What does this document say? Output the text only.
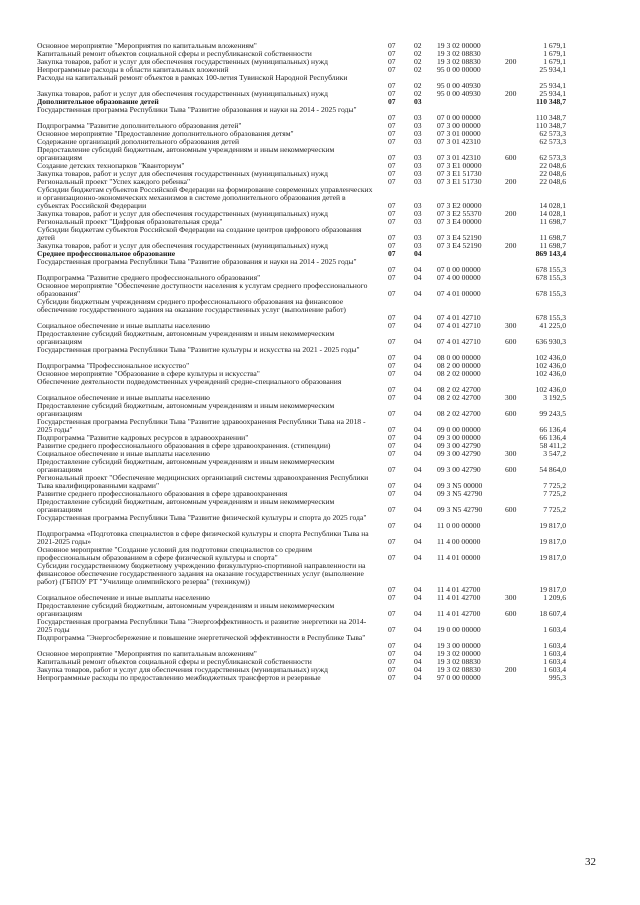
Основное мероприятие "Мероприятия по капитальным вложениям"	07 02 19 3 02 00000	1 679,1
Капитальный ремонт объектов социальной сферы и республиканской собственности	07 02 19 3 02 08830	1 679,1
Закупка товаров, работ и услуг для обеспечения государственных (муниципальных) нужд	07 02 19 3 02 08830	200	1 679,1
Непрограммные расходы в области капитальных вложений	07 02 95 0 00 00000	25 934,1
Расходы на капитальный ремонт объектов в рамках 100-летия Тувинской Народной Республики
07 02 95 0 00 40930	25 934,1
Закупка товаров, работ и услуг для обеспечения государственных (муниципальных) нужд	07 02 95 0 00 40930	200	25 934,1
Дополнительное образование детей	07 03	110 348,7
Государственная программа Республики Тыва "Развитие образования и науки на 2014 - 2025 годы"
07 03 07 0 00 00000	110 348,7
Подпрограмма "Развитие дополнительного образования детей"	07 03 07 3 00 00000	110 348,7
Основное мероприятие "Предоставление дополнительного образования детям"	07 03 07 3 01 00000	62 573,3
Содержание организаций дополнительного образования детей	07 03 07 3 01 42310	62 573,3
Предоставление субсидий бюджетным, автономным учреждениям и иным некоммерческим организациям	07 03 07 3 01 42310	600	62 573,3
Создание детских технопарков "Кванториум"	07 03 07 3 E1 00000	22 048,6
Закупка товаров, работ и услуг для обеспечения государственных (муниципальных) нужд	07 03 07 3 E1 51730	22 048,6
Региональный проект "Успех каждого ребенка"	07 03 07 3 E1 51730	200	22 048,6
Субсидии бюджетам субъектов Российской Федерации на формирование современных управленческих и организационно-экономических механизмов в системе дополнительного образования детей в субъектах Российской Федерации	07 03 07 3 E2 00000	14 028,1
Закупка товаров, работ и услуг для обеспечения государственных (муниципальных) нужд	07 03 07 3 E2 55370	200	14 028,1
Региональный проект "Цифровая образовательная среда"	07 03 07 3 E4 00000	11 698,7
Субсидии бюджетам субъектов Российской Федерации на создание центров цифрового образования детей	07 03 07 3 E4 52190	11 698,7
Закупка товаров, работ и услуг для обеспечения государственных (муниципальных) нужд	07 03 07 3 E4 52190	200	11 698,7
Среднее профессиональное образование	07 04	869 143,4
Государственная программа Республики Тыва "Развитие образования и науки на 2014 - 2025 годы"
07 04 07 0 00 00000	678 155,3
Подпрограмма "Развитие среднего профессионального образования"	07 04 07 4 00 00000	678 155,3
Основное мероприятие "Обеспечение доступности населения к услугам среднего профессионального образования"	07 04 07 4 01 00000	678 155,3
Субсидии бюджетным учреждениям среднего профессионального образования на финансовое обеспечение государственного задания на оказание государственных услуг (выполнение работ)
07 04 07 4 01 42710	678 155,3
Социальное обеспечение и иные выплаты населению	07 04 07 4 01 42710	300	41 225,0
Предоставление субсидий бюджетным, автономным учреждениям и иным некоммерческим организациям	07 04 07 4 01 42710	600	636 930,3
Государственная программа Республики Тыва "Развитие культуры и искусства на 2021 - 2025 годы"
07 04 08 0 00 00000	102 436,0
Подпрограмма "Профессиональное искусство"	07 04 08 2 00 00000	102 436,0
Основное мероприятие "Образование в сфере культуры и искусства"	07 04 08 2 02 00000	102 436,0
Обеспечение деятельности подведомственных учреждений средне-специального образования
07 04 08 2 02 42700	102 436,0
Социальное обеспечение и иные выплаты населению	07 04 08 2 02 42700	300	3 192,5
Предоставление субсидий бюджетным, автономным учреждениям и иным некоммерческим организациям	07 04 08 2 02 42700	600	99 243,5
Государственная программа Республики Тыва "Развитие здравоохранения Республики Тыва на 2018 - 2025 годы"	07 04 09 0 00 00000	66 136,4
Подпрограмма "Развитие кадровых ресурсов в здравоохранении"	07 04 09 3 00 00000	66 136,4
Развитие среднего профессионального образования в сфере здравоохранения. (стипендии)	07 04 09 3 00 42790	58 411,2
Социальное обеспечение и иные выплаты населению	07 04 09 3 00 42790	300	3 547,2
Предоставление субсидий бюджетным, автономным учреждениям и иным некоммерческим организациям	07 04 09 3 00 42790	600	54 864,0
Региональный проект "Обеспечение медицинских организаций системы здравоохранения Республики Тыва квалифицированными кадрами"	07 04 09 3 N5 00000	7 725,2
Развитие среднего профессионального образования в сфере здравоохранения	07 04 09 3 N5 42790	7 725,2
Предоставление субсидий бюджетным, автономным учреждениям и иным некоммерческим организациям	07 04 09 3 N5 42790	600	7 725,2
Государственная программа Республики Тыва "Развитие физической культуры и спорта до 2025 года"
07 04 11 0 00 00000	19 817,0
Подпрограмма «Подготовка специалистов в сфере физической культуры и спорта Республики Тыва на 2021-2025 годы»	07 04 11 4 00 00000	19 817,0
Основное мероприятие "Создание условий для подготовки специалистов со средним профессиональным образованием в сфере физической культуры и спорта"	07 04 11 4 01 00000	19 817,0
Субсидии государственному бюджетному учреждению физкультурно-спортивной направленности на финансовое обеспечение государственного задания на оказание государственных услуг (выполнение работ) (ГБПОУ РТ "Училище олимпийского резерва" (техникум))
07 04 11 4 01 42700	19 817,0
Социальное обеспечение и иные выплаты населению	07 04 11 4 01 42700	300	1 209,6
Предоставление субсидий бюджетным, автономным учреждениям и иным некоммерческим организациям	07 04 11 4 01 42700	600	18 607,4
Государственная программа Республики Тыва "Энергоэффективность и развитие энергетики на 2014-2025 годы	07 04 19 0 00 00000	1 603,4
Подпрограмма "Энергосбережение и повышение энергетической эффективности в Республике Тыва"
07 04 19 3 00 00000	1 603,4
Основное мероприятие "Мероприятия по капитальным вложениям"	07 04 19 3 02 00000	1 603,4
Капитальный ремонт объектов социальной сферы и республиканской собственности	07 04 19 3 02 08830	1 603,4
Закупка товаров, работ и услуг для обеспечения государственных (муниципальных) нужд	07 04 19 3 02 08830	200	1 603,4
Непрограммные расходы по предоставлению межбюджетных трансфертов и резервные	07 04 97 0 00 00000	995,3
32
